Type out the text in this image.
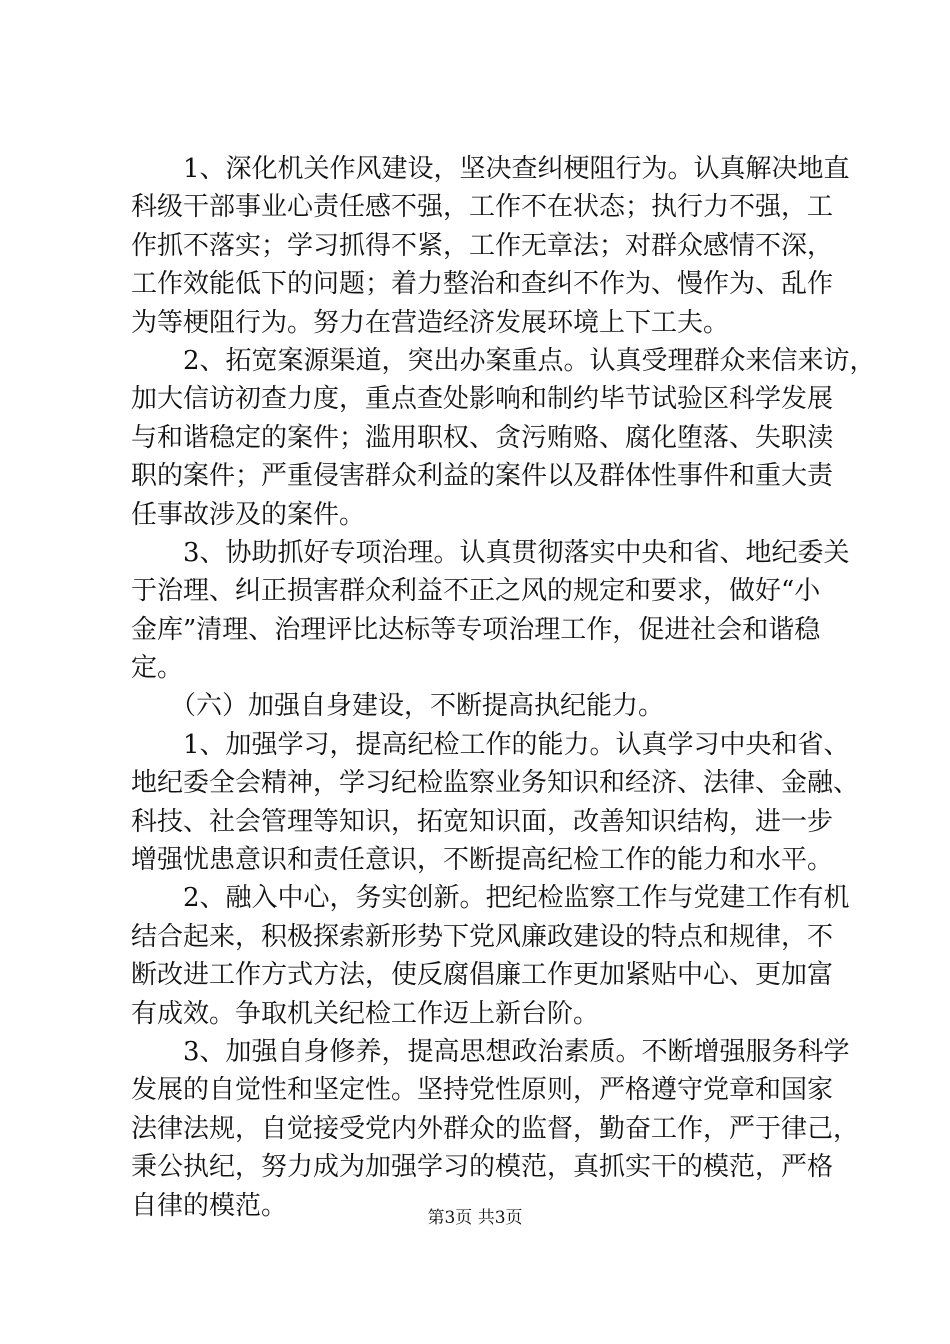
　　1、深化机关作风建设，坚决查纠梗阻行为。认真解决地直
科级干部事业心责任感不强，工作不在状态；执行力不强，工
作抓不落实；学习抓得不紧，工作无章法；对群众感情不深，
工作效能低下的问题；着力整治和查纠不作为、慢作为、乱作
为等梗阻行为。努力在营造经济发展环境上下工夫。
　　2、拓宽案源渠道，突出办案重点。认真受理群众来信来访，
加大信访初查力度，重点查处影响和制约毕节试验区科学发展
与和谐稳定的案件；滥用职权、贪污贿赂、腐化堕落、失职渎
职的案件；严重侵害群众利益的案件以及群体性事件和重大责
任事故涉及的案件。
　　3、协助抓好专项治理。认真贯彻落实中央和省、地纪委关
于治理、纠正损害群众利益不正之风的规定和要求，做好“小
金库”清理、治理评比达标等专项治理工作，促进社会和谐稳
定。
　　（六）加强自身建设，不断提高执纪能力。
　　1、加强学习，提高纪检工作的能力。认真学习中央和省、
地纪委全会精神，学习纪检监察业务知识和经济、法律、金融、
科技、社会管理等知识，拓宽知识面，改善知识结构，进一步
增强忧患意识和责任意识，不断提高纪检工作的能力和水平。
　　2、融入中心，务实创新。把纪检监察工作与党建工作有机
结合起来，积极探索新形势下党风廉政建设的特点和规律，不
断改进工作方式方法，使反腐倡廉工作更加紧贴中心、更加富
有成效。争取机关纪检工作迈上新台阶。
　　3、加强自身修养，提高思想政治素质。不断增强服务科学
发展的自觉性和坚定性。坚持党性原则，严格遵守党章和国家
法律法规，自觉接受党内外群众的监督，勤奋工作，严于律己，
秉公执纪，努力成为加强学习的模范，真抓实干的模范，严格
自律的模范。	第3页 共3页
